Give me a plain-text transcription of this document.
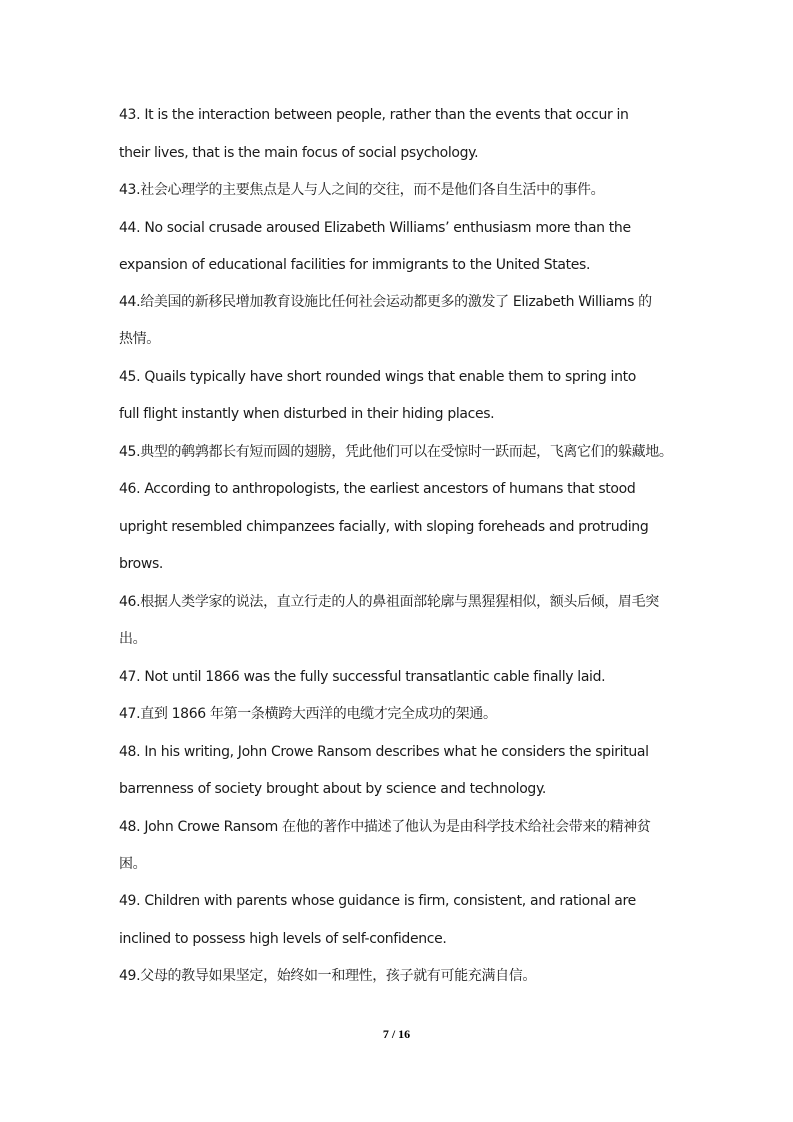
43. It is the interaction between people, rather than the events that occur in
their lives, that is the main focus of social psychology.
43.社会心理学的主要焦点是人与人之间的交往，而不是他们各自生活中的事件。
44. No social crusade aroused Elizabeth Williams’ enthusiasm more than the
expansion of educational facilities for immigrants to the United States.
44.给美国的新移民增加教育设施比任何社会运动都更多的激发了 Elizabeth Williams 的
热情。
45. Quails typically have short rounded wings that enable them to spring into
full flight instantly when disturbed in their hiding places.
45.典型的鹌鹑都长有短而圆的翅膀，凭此他们可以在受惊时一跃而起，飞离它们的躲藏地。
46. According to anthropologists, the earliest ancestors of humans that stood
upright resembled chimpanzees facially, with sloping foreheads and protruding
brows.
46.根据人类学家的说法，直立行走的人的鼻祖面部轮廓与黑猩猩相似，额头后倾，眉毛突
出。
47. Not until 1866 was the fully successful transatlantic cable finally laid.
47.直到 1866 年第一条横跨大西洋的电缆才完全成功的架通。
48. In his writing, John Crowe Ransom describes what he considers the spiritual
barrenness of society brought about by science and technology.
48. John Crowe Ransom 在他的著作中描述了他认为是由科学技术给社会带来的精神贫
困。
49. Children with parents whose guidance is firm, consistent, and rational are
inclined to possess high levels of self-confidence.
49.父母的教导如果坚定，始终如一和理性，孩子就有可能充满自信。
7 / 16
